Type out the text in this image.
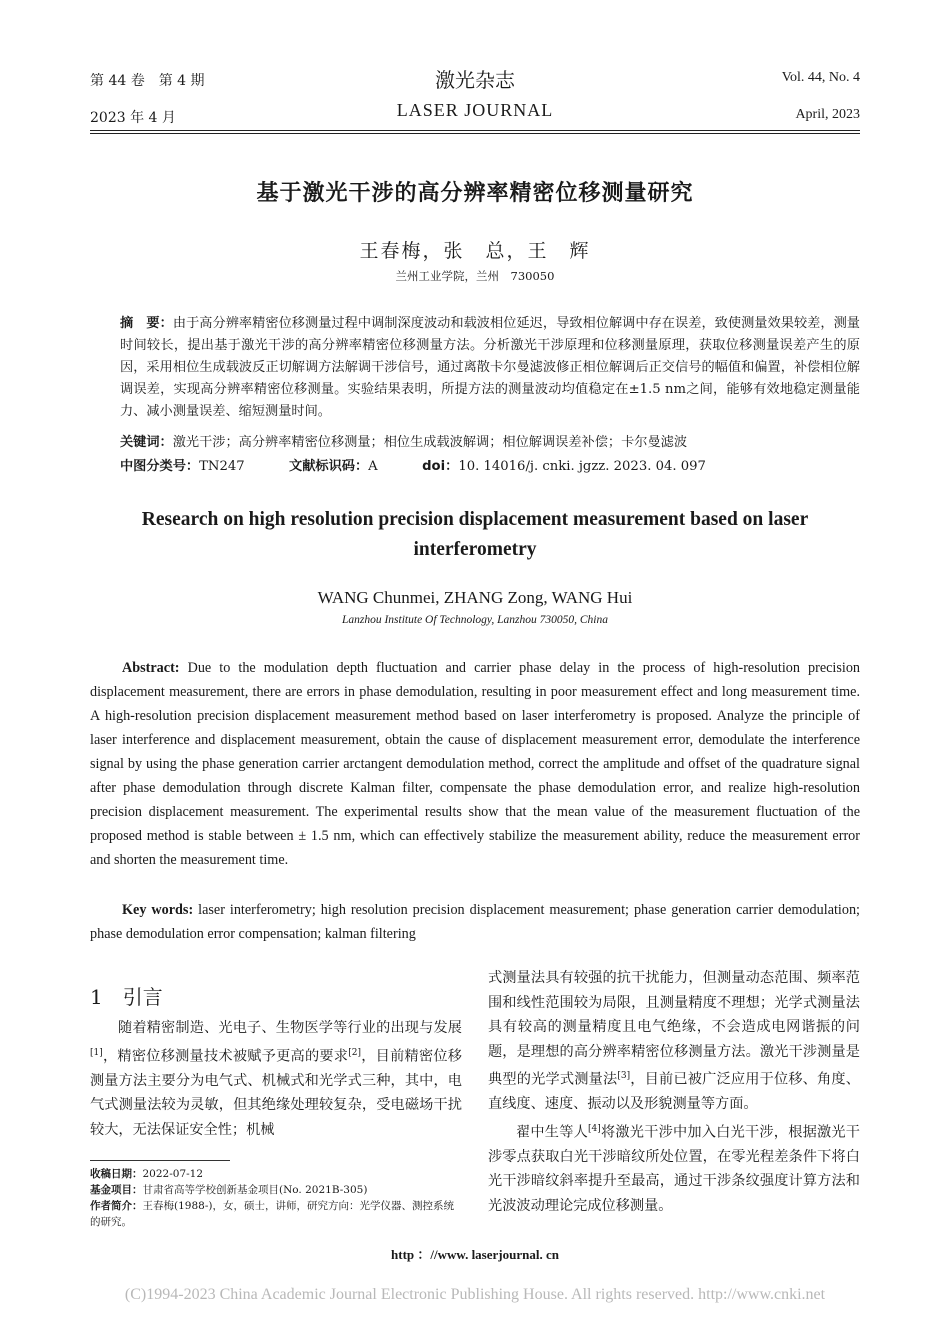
第 44 卷　第 4 期
2023 年 4 月
激光杂志
LASER JOURNAL
Vol. 44, No. 4
April, 2023
基于激光干涉的高分辨率精密位移测量研究
王春梅，张　总，王　辉
兰州工业学院，兰州　730050
摘　要：由于高分辨率精密位移测量过程中调制深度波动和载波相位延迟，导致相位解调中存在误差，致使测量效果较差，测量时间较长，提出基于激光干涉的高分辨率精密位移测量方法。分析激光干涉原理和位移测量原理，获取位移测量误差产生的原因，采用相位生成载波反正切解调方法解调干涉信号，通过离散卡尔曼滤波修正相位解调后正交信号的幅值和偏置，补偿相位解调误差，实现高分辨率精密位移测量。实验结果表明，所提方法的测量波动均值稳定在±1.5 nm之间，能够有效地稳定测量能力、减小测量误差、缩短测量时间。
关键词：激光干涉；高分辨率精密位移测量；相位生成载波解调；相位解调误差补偿；卡尔曼滤波
中图分类号：TN247	文献标识码：A	doi：10. 14016/j. cnki. jgzz. 2023. 04. 097
Research on high resolution precision displacement measurement based on laser interferometry
WANG Chunmei, ZHANG Zong, WANG Hui
Lanzhou Institute Of Technology, Lanzhou 730050, China
Abstract: Due to the modulation depth fluctuation and carrier phase delay in the process of high-resolution precision displacement measurement, there are errors in phase demodulation, resulting in poor measurement effect and long measurement time. A high-resolution precision displacement measurement method based on laser interferometry is proposed. Analyze the principle of laser interference and displacement measurement, obtain the cause of displacement measurement error, demodulate the interference signal by using the phase generation carrier arctangent demodulation method, correct the amplitude and offset of the quadrature signal after phase demodulation through discrete Kalman filter, compensate the phase demodulation error, and realize high-resolution precision displacement measurement. The experimental results show that the mean value of the measurement fluctuation of the proposed method is stable between ± 1.5 nm, which can effectively stabilize the measurement ability, reduce the measurement error and shorten the measurement time.
Key words: laser interferometry; high resolution precision displacement measurement; phase generation carrier demodulation; phase demodulation error compensation; kalman filtering
1　引言

随着精密制造、光电子、生物医学等行业的出现与发展[1]，精密位移测量技术被赋予更高的要求[2]，目前精密位移测量方法主要分为电气式、机械式和光学式三种，其中，电气式测量法较为灵敏，但其绝缘处理较复杂，受电磁场干扰较大，无法保证安全性；机械

收稿日期：2022-07-12
基金项目：甘肃省高等学校创新基金项目(No. 2021B-305)
作者简介：王春梅(1988-)，女，硕士，讲师，研究方向：光学仪器、测控系统的研究。

式测量法具有较强的抗干扰能力，但测量动态范围、频率范围和线性范围较为局限，且测量精度不理想；光学式测量法具有较高的测量精度且电气绝缘，不会造成电网谐振的问题，是理想的高分辨率精密位移测量方法。激光干涉测量是典型的光学式测量法[3]，目前已被广泛应用于位移、角度、直线度、速度、振动以及形貌测量等方面。

翟中生等人[4]将激光干涉中加入白光干涉，根据激光干涉零点获取白光干涉暗纹所处位置，在零光程差条件下将白光干涉暗纹斜率提升至最高，通过干涉条纹强度计算方法和光波波动理论完成位移测量。

http ：//www. laserjournal. cn
(C)1994-2023 China Academic Journal Electronic Publishing House. All rights reserved. http://www.cnki.net
